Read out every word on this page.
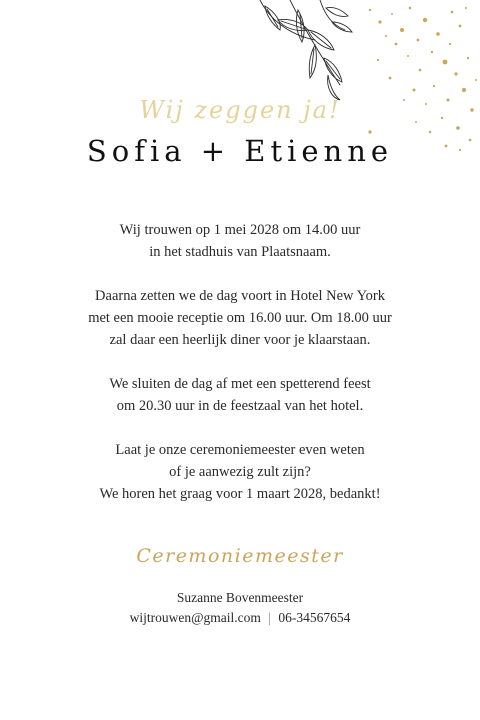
Wij zeggen ja!
Sofia + Etienne

Wij trouwen op 1 mei 2028 om 14.00 uur
in het stadhuis van Plaatsnaam.

Daarna zetten we de dag voort in Hotel New York
met een mooie receptie om 16.00 uur. Om 18.00 uur
zal daar een heerlijk diner voor je klaarstaan.

We sluiten de dag af met een spetterend feest
om 20.30 uur in de feestzaal van het hotel.

Laat je onze ceremoniemeester even weten
of je aanwezig zult zijn?
We horen het graag voor 1 maart 2028, bedankt!

Ceremoniemeester
Suzanne Bovenmeester
wijtrouwen@gmail.com | 06-34567654
